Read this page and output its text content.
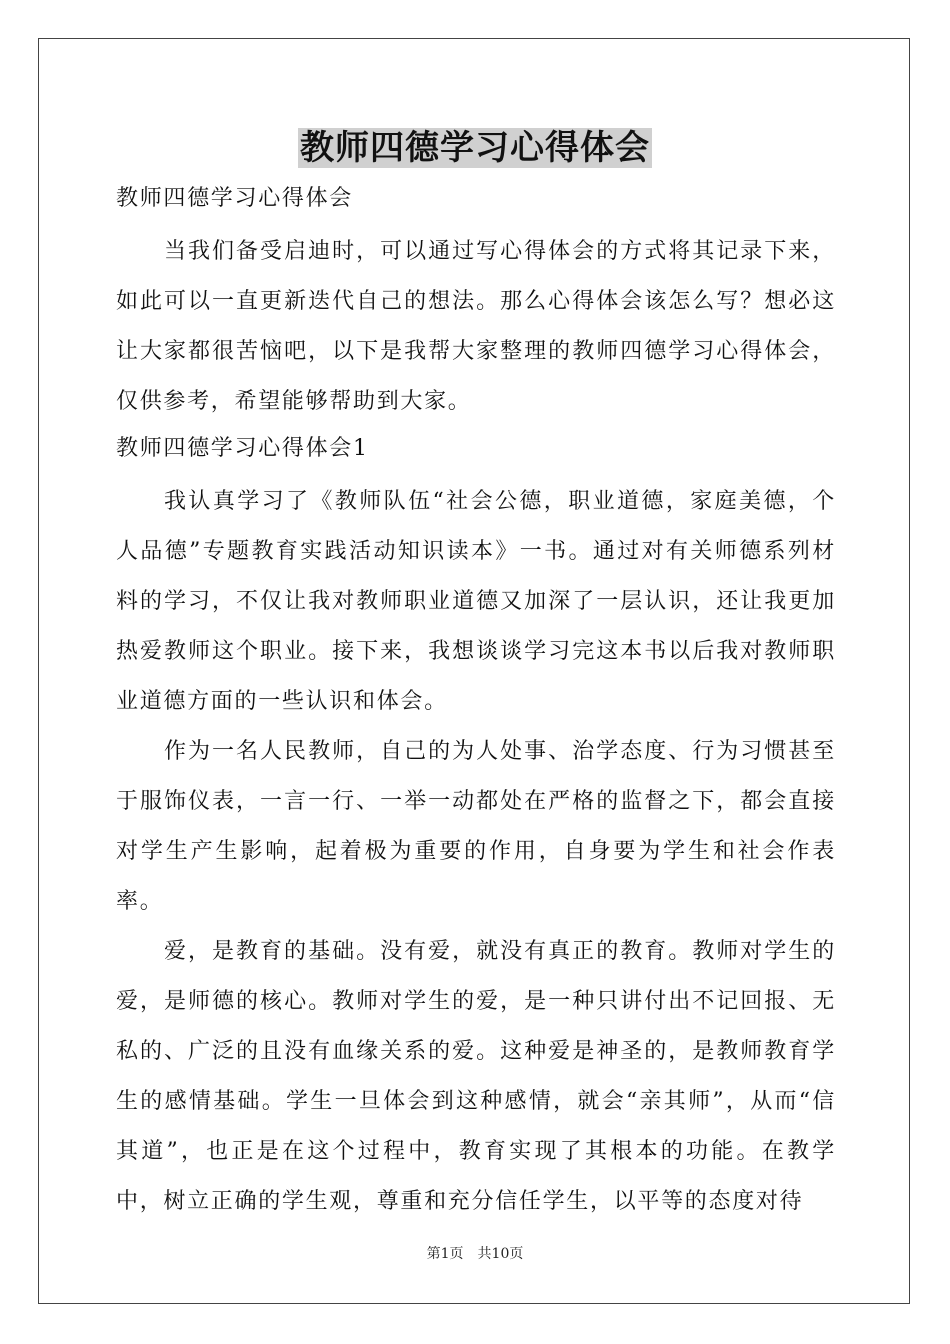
教师四德学习心得体会

教师四德学习心得体会

当我们备受启迪时，可以通过写心得体会的方式将其记录下来，如此可以一直更新迭代自己的想法。那么心得体会该怎么写？想必这让大家都很苦恼吧，以下是我帮大家整理的教师四德学习心得体会，仅供参考，希望能够帮助到大家。

教师四德学习心得体会1

我认真学习了《教师队伍“社会公德，职业道德，家庭美德，个人品德”专题教育实践活动知识读本》一书。通过对有关师德系列材料的学习，不仅让我对教师职业道德又加深了一层认识，还让我更加热爱教师这个职业。接下来，我想谈谈学习完这本书以后我对教师职业道德方面的一些认识和体会。

作为一名人民教师，自己的为人处事、治学态度、行为习惯甚至于服饰仪表，一言一行、一举一动都处在严格的监督之下，都会直接对学生产生影响，起着极为重要的作用，自身要为学生和社会作表率。

爱，是教育的基础。没有爱，就没有真正的教育。教师对学生的爱，是师德的核心。教师对学生的爱，是一种只讲付出不记回报、无私的、广泛的且没有血缘关系的爱。这种爱是神圣的，是教师教育学生的感情基础。学生一旦体会到这种感情，就会“亲其师”，从而“信其道”，也正是在这个过程中，教育实现了其根本的功能。在教学中，树立正确的学生观，尊重和充分信任学生，以平等的态度对待

第1页 共10页
